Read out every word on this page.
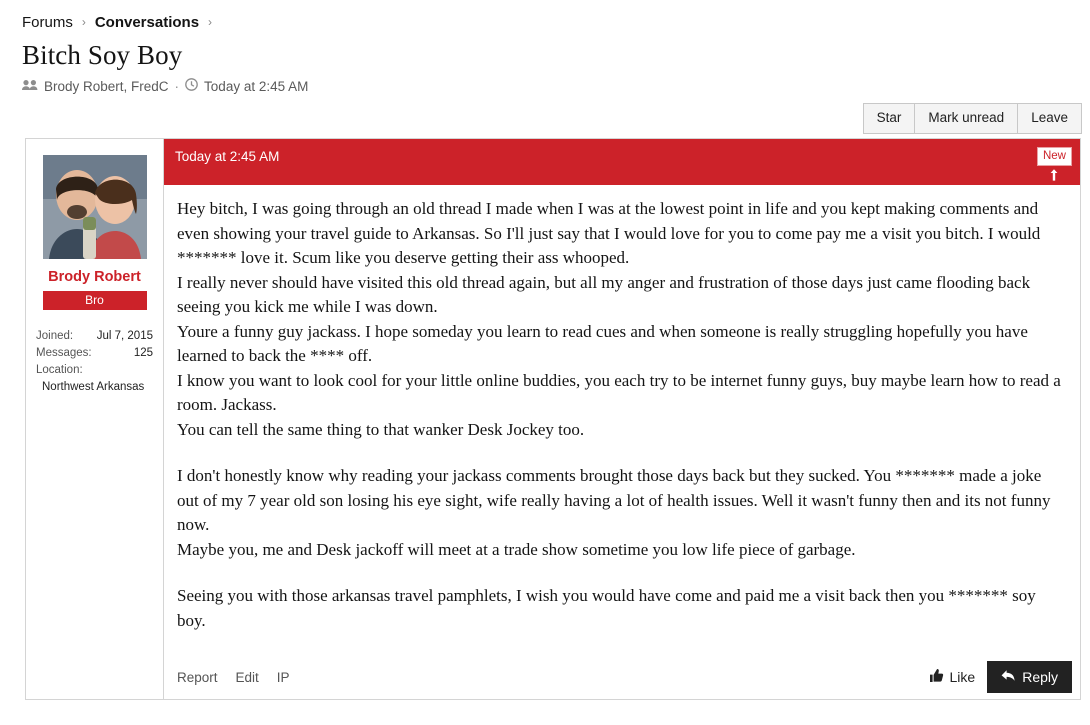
Forums › Conversations ›
Bitch Soy Boy
Brody Robert, FredC · Today at 2:45 AM
Star	Mark unread	Leave
Brody Robert
Bro
Joined: Jul 7, 2015
Messages:	125
Location:
Northwest Arkansas
Today at 2:45 AM	New

Hey bitch, I was going through an old thread I made when I was at the lowest point in life and you kept making comments and even showing your travel guide to Arkansas. So I'll just say that I would love for you to come pay me a visit you bitch. I would ******* love it. Scum like you deserve getting their ass whooped.

I really never should have visited this old thread again, but all my anger and frustration of those days just came flooding back seeing you kick me while I was down.

Youre a funny guy jackass. I hope someday you learn to read cues and when someone is really struggling hopefully you have learned to back the **** off.

I know you want to look cool for your little online buddies, you each try to be internet funny guys, buy maybe learn how to read a room. Jackass.

You can tell the same thing to that wanker Desk Jockey too.

I don't honestly know why reading your jackass comments brought those days back but they sucked. You ******* made a joke out of my 7 year old son losing his eye sight, wife really having a lot of health issues. Well it wasn't funny then and its not funny now.

Maybe you, me and Desk jackoff will meet at a trade show sometime you low life piece of garbage.

Seeing you with those arkansas travel pamphlets, I wish you would have come and paid me a visit back then you ******* soy boy.

Report Edit IP	Like	Reply
